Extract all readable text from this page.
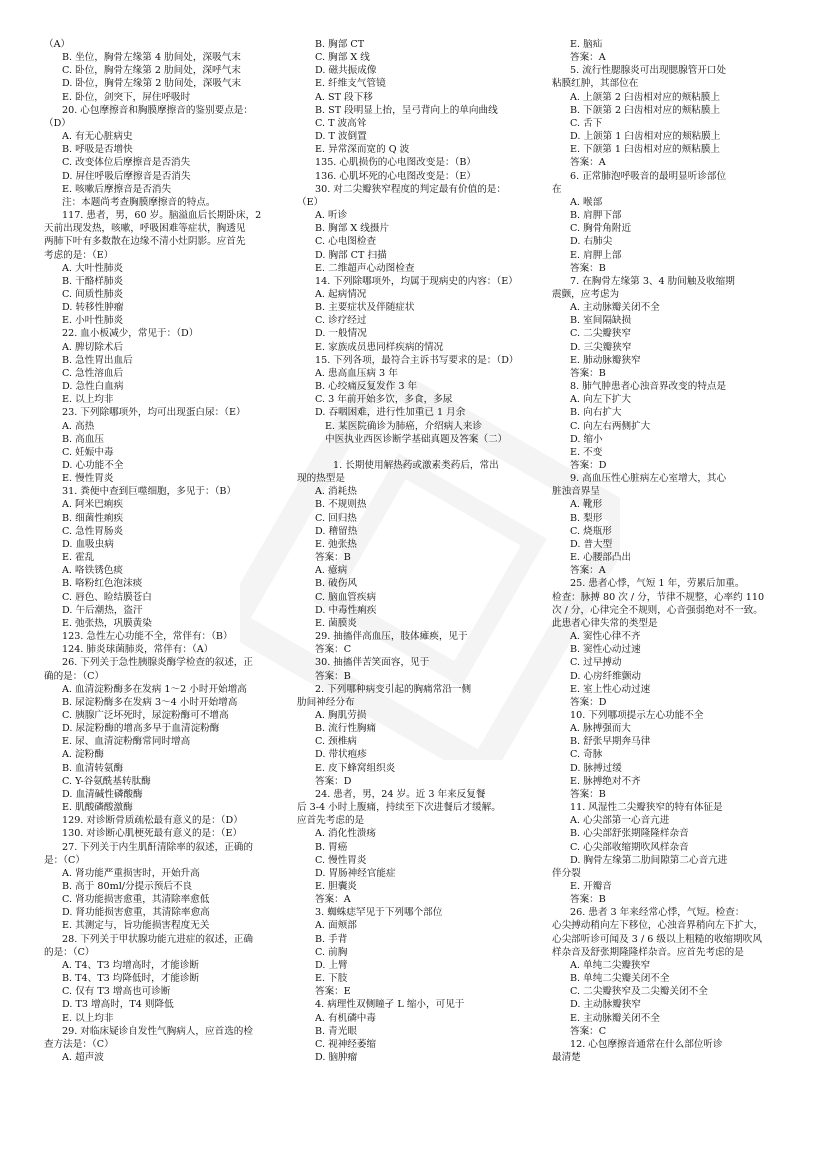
（A）
B. 坐位，胸骨左缘第 4 肋间处，深吸气末
C. 卧位，胸骨左缘第 2 肋间处，深呼气末
D. 卧位，胸骨左缘第 2 肋间处，深吸气末
E. 卧位，剑突下，屏住呼吸时
20. 心包摩擦音和胸膜摩擦音的鉴别要点是：
（D）
A. 有无心脏病史
B. 呼吸是否增快
C. 改变体位后摩擦音是否消失
D. 屏住呼吸后摩擦音是否消失
E. 咳嗽后摩擦音是否消失
注：本题尚考查胸膜摩擦音的特点。
117. 患者，男，60 岁。脑溢血后长期卧床，2
天前出现发热，咳嗽，呼吸困难等症状，胸透见
两肺下叶有多数散在边缘不清小灶阴影。应首先
考虑的是：（E）
A. 大叶性肺炎
B. 干酪样肺炎
C. 间质性肺炎
D. 转移性肿瘤
E. 小叶性肺炎
22. 血小板减少，常见于：（D）
A. 脾切除术后
B. 急性胃出血后
C. 急性溶血后
D. 急性白血病
E. 以上均非
23. 下列除哪项外，均可出现蛋白尿：（E）
A. 高热
B. 高血压
C. 妊娠中毒
D. 心功能不全
E. 慢性胃炎
31. 粪便中查到巨噬细胞，多见于：（B）
A. 阿米巴痢疾
B. 细菌性痢疾
C. 急性胃肠炎
D. 血吸虫病
E. 霍乱
A. 咯铁锈色痰
B. 咯粉红色泡沫痰
C. 唇色、睑结膜苍白
D. 午后潮热，盗汗
E. 弛张热，巩膜黄染
123. 急性左心功能不全，常伴有：（B）
124. 肺炎球菌肺炎，常伴有：（A）
26. 下列关于急性胰腺炎酶学检查的叙述，正
确的是：（C）
A. 血清淀粉酶多在发病 1～2 小时开始增高
B. 尿淀粉酶多在发病 3～4 小时开始增高
C. 胰腺广泛坏死时，尿淀粉酶可不增高
D. 尿淀粉酶的增高多早于血清淀粉酶
E. 尿、血清淀粉酶常同时增高
A. 淀粉酶
B. 血清转氨酶
C. Y-谷氨酰基转肽酶
D. 血清碱性磷酸酶
E. 肌酸磷酸激酶
129. 对诊断骨质疏松最有意义的是：（D）
130. 对诊断心肌梗死最有意义的是：（E）
27. 下列关于内生肌酐清除率的叙述，正确的
是：（C）
A. 肾功能严重损害时，开始升高
B. 高于 80ml/分提示预后不良
C. 肾功能损害愈重，其清除率愈低
D. 肾功能损害愈重，其清除率愈高
E. 其测定与，旨功能损害程度无关
28. 下列关于甲状腺功能亢进症的叙述，正确
的是：（C）
A. T4、T3 均增高时，才能诊断
B. T4、T3 均降低时，才能诊断
C. 仅有 T3 增高也可诊断
D. T3 增高时，T4 则降低
E. 以上均非
29. 对临床疑诊自发性气胸病人，应首选的检
查方法是：（C）
A. 超声波
B. 胸部 CT
C. 胸部 X 线
D. 磁共振成像
E. 纤维支气管镜
A. ST 段下移
B. ST 段明显上抬，呈弓背向上的单向曲线
C. T 波高耸
D. T 波倒置
E. 异常深而宽的 Q 波
135. 心肌损伤的心电图改变是：（B）
136. 心肌坏死的心电图改变是：（E）
30. 对二尖瓣狭窄程度的判定最有价值的是：
（E）
A. 听诊
B. 胸部 X 线摄片
C. 心电图检查
D. 胸部 CT 扫描
E. 二维超声心动图检查
14. 下列除哪项外，均属于现病史的内容：（E）
A. 起病情况
B. 主要症状及伴随症状
C. 诊疗经过
D. 一般情况
E. 家族成员患同样疾病的情况
15. 下列各项，最符合主诉书写要求的是：（D）
A. 患高血压病 3 年
B. 心绞痛反复发作 3 年
C. 3 年前开始多饮，多食，多尿
D. 吞咽困难，进行性加重已 1 月余
E. 某医院确诊为肺癌，介绍病人来诊
中医执业西医诊断学基础真题及答案（二）

1. 长期使用解热药或激素类药后，常出
现的热型是
A. 消耗热
B. 不规则热
C. 回归热
D. 稽留热
E. 弛张热
答案：B
A. 癔病
B. 破伤风
C. 脑血管疾病
D. 中毒性痢疾
E. 菌膜炎
29. 抽搐伴高血压，肢体瘫痪，见于
答案：C
30. 抽搐伴苦笑面容，见于
答案：B
2. 下列哪种病变引起的胸痛常沿一侧
肋间神经分布
A. 胸肌劳损
B. 流行性胸痛
C. 颈椎病
D. 带状疱疹
E. 皮下蜂窝组织炎
答案：D
24. 患者，男，24 岁。近 3 年来反复餐
后 3-4 小时上腹痛，持续至下次进餐后才缓解。
应首先考虑的是
A. 消化性溃疡
B. 胃癌
C. 慢性胃炎
D. 胃肠神经官能症
E. 胆囊炎
答案：A
3. 蜘蛛痣罕见于下列哪个部位
A. 面颊部
B. 手背
C. 前胸
D. 上臂
E. 下肢
答案：E
4. 病理性双侧瞳孑 L 缩小，可见于
A. 有机磷中毒
B. 青光眼
C. 视神经萎缩
D. 脑肿瘤
E. 脑疝
答案：A
5. 流行性腮腺炎可出现腮腺管开口处
粘膜红肿，其部位在
A. 上颌第 2 臼齿相对应的颊粘膜上
B. 下颌第 2 臼齿相对应的颊粘膜上
C. 舌下
D. 上颌第 1 臼齿相对应的颊粘膜上
E. 下颌第 1 臼齿相对应的颊粘膜上
答案：A
6. 正常肺泡呼吸音的最明显听诊部位
在
A. 喉部
B. 肩胛下部
C. 胸骨角附近
D. 右肺尖
E. 肩胛上部
答案：B
7. 在胸骨左缘第 3、4 肋间触及收缩期
震颤，应考虑为
A. 主动脉瓣关闭不全
B. 室间隔缺损
C. 二尖瓣狭窄
D. 三尖瓣狭窄
E. 肺动脉瓣狭窄
答案：B
8. 肺气肿患者心浊音界改变的特点是
A. 向左下扩大
B. 向右扩大
C. 向左右两侧扩大
D. 缩小
E. 不变
答案：D
9. 高血压性心脏病左心室增大，其心
脏浊音界呈
A. 靴形
B. 梨形
C. 烧瓶形
D. 普大型
E. 心腰部凸出
答案：A
25. 患者心悸，气短 1 年，劳累后加重。
检查：脉搏 80 次 / 分，节律不规整，心率约 110
次 / 分，心律完全不规则，心音强弱绝对不一致。
此患者心律失常的类型是
A. 窦性心律不齐
B. 窦性心动过速
C. 过早搏动
D. 心房纤维颤动
E. 室上性心动过速
答案：D
10. 下列哪项提示左心功能不全
A. 脉搏强而大
B. 舒张早期奔马律
C. 奇脉
D. 脉搏过缓
E. 脉搏绝对不齐
答案：B
11. 风湿性二尖瓣狭窄的特有体征是
A. 心尖部第一心音亢进
B. 心尖部舒张期隆隆样杂音
C. 心尖部收缩期吹风样杂音
D. 胸骨左缘第二肋间隙第二心音亢进
伴分裂
E. 开瓣音
答案：B
26. 患者 3 年来经常心悸，气短。检查：
心尖搏动稍向左下移位，心浊音界稍向左下扩大，
心尖部听诊可闻及 3 / 6 级以上粗糙的收缩期吹风
样杂音及舒张期隆隆样杂音。应首先考虑的是
A. 单纯二尖瓣狭窄
B. 单纯二尖瓣关闭不全
C. 二尖瓣狭窄及二尖瓣关闭不全
D. 主动脉瓣狭窄
E. 主动脉瓣关闭不全
答案：C
12. 心包摩擦音通常在什么部位听诊
最清楚
